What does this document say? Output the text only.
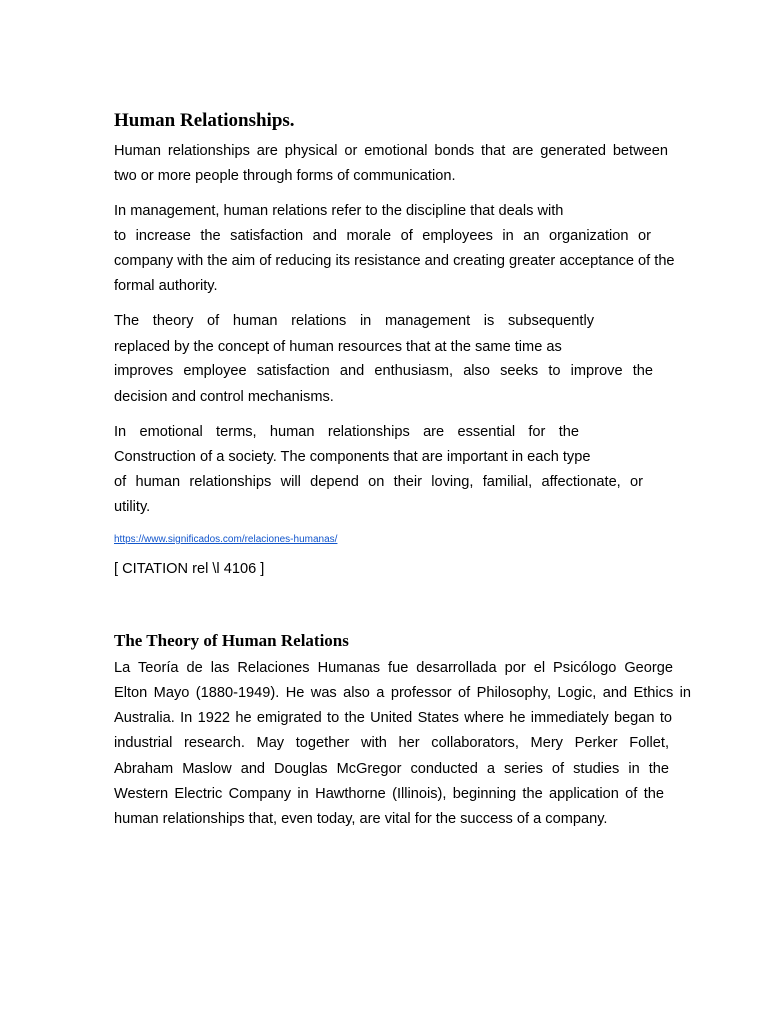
Human Relationships.

Human relationships are physical or emotional bonds that are generated between

two or more people through forms of communication.

In management, human relations refer to the discipline that deals with

to increase the satisfaction and morale of employees in an organization or

company with the aim of reducing its resistance and creating greater acceptance of the

formal authority.

The theory of human relations in management is subsequently

replaced by the concept of human resources that at the same time as

improves employee satisfaction and enthusiasm, also seeks to improve the

decision and control mechanisms.

In emotional terms, human relationships are essential for the

Construction of a society. The components that are important in each type

of human relationships will depend on their loving, familial, affectionate, or

utility.

https://www.significados.com/relaciones-humanas/

[ CITATION rel \l 4106 ]

The Theory of Human Relations

La Teoría de las Relaciones Humanas fue desarrollada por el Psicólogo George

Elton Mayo (1880-1949). He was also a professor of Philosophy, Logic, and Ethics in

Australia. In 1922 he emigrated to the United States where he immediately began to

industrial research. May together with her collaborators, Mery Perker Follet,

Abraham Maslow and Douglas McGregor conducted a series of studies in the

Western Electric Company in Hawthorne (Illinois), beginning the application of the

human relationships that, even today, are vital for the success of a company.
